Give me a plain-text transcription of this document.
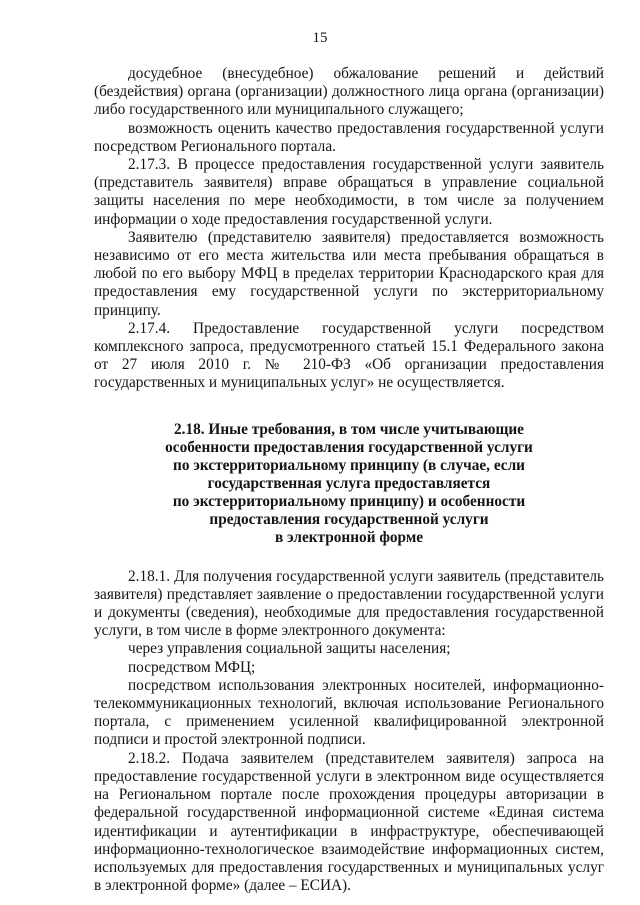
15

досудебное (внесудебное) обжалование решений и действий (бездействия) органа (организации) должностного лица органа (организации) либо государственного или муниципального служащего;

возможность оценить качество предоставления государственной услуги посредством Регионального портала.

2.17.3. В процессе предоставления государственной услуги заявитель (представитель заявителя) вправе обращаться в управление социальной защиты населения по мере необходимости, в том числе за получением информации о ходе предоставления государственной услуги.

Заявителю (представителю заявителя) предоставляется возможность независимо от его места жительства или места пребывания обращаться в любой по его выбору МФЦ в пределах территории Краснодарского края для предоставления ему государственной услуги по экстерриториальному принципу.

2.17.4. Предоставление государственной услуги посредством комплексного запроса, предусмотренного статьей 15.1 Федерального закона от 27 июля 2010 г. № 210-ФЗ «Об организации предоставления государственных и муниципальных услуг» не осуществляется.

2.18. Иные требования, в том числе учитывающие
особенности предоставления государственной услуги
по экстерриториальному принципу (в случае, если
государственная услуга предоставляется
по экстерриториальному принципу) и особенности
предоставления государственной услуги
в электронной форме

2.18.1. Для получения государственной услуги заявитель (представитель заявителя) представляет заявление о предоставлении государственной услуги и документы (сведения), необходимые для предоставления государственной услуги, в том числе в форме электронного документа:

через управления социальной защиты населения;

посредством МФЦ;

посредством использования электронных носителей, информационно-телекоммуникационных технологий, включая использование Регионального портала, с применением усиленной квалифицированной электронной подписи и простой электронной подписи.

2.18.2. Подача заявителем (представителем заявителя) запроса на предоставление государственной услуги в электронном виде осуществляется на Региональном портале после прохождения процедуры авторизации в федеральной государственной информационной системе «Единая система идентификации и аутентификации в инфраструктуре, обеспечивающей информационно-технологическое взаимодействие информационных систем, используемых для предоставления государственных и муниципальных услуг в электронной форме» (далее – ЕСИА).
